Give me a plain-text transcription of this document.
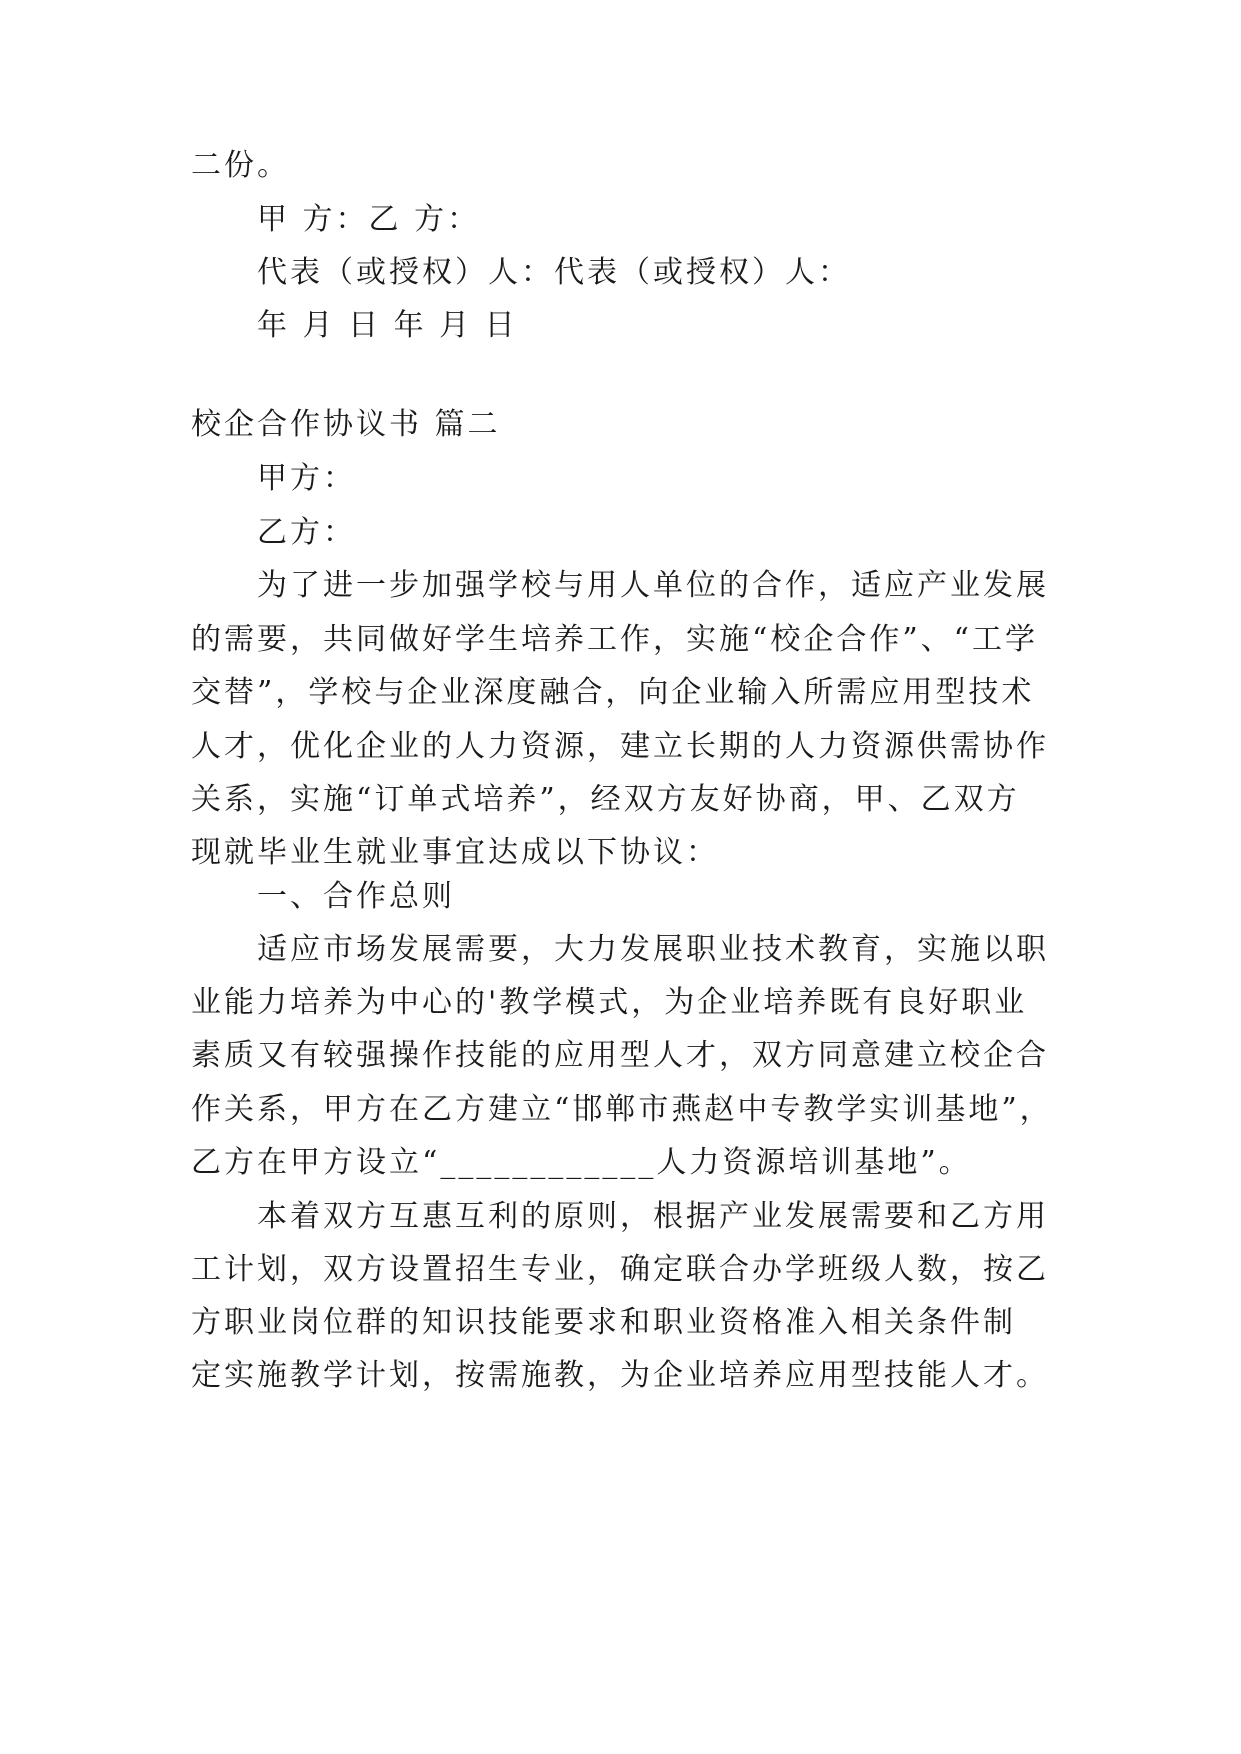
二份。
甲 方：乙 方：
代表（或授权）人：代表（或授权）人：
年 月 日 年 月 日
校企合作协议书 篇二
甲方：
乙方：
为了进一步加强学校与用人单位的合作，适应产业发展
的需要，共同做好学生培养工作，实施“校企合作”、“工学
交替”，学校与企业深度融合，向企业输入所需应用型技术
人才，优化企业的人力资源，建立长期的人力资源供需协作
关系，实施“订单式培养”，经双方友好协商，甲、乙双方
现就毕业生就业事宜达成以下协议：
一、合作总则
适应市场发展需要，大力发展职业技术教育，实施以职
业能力培养为中心的'教学模式，为企业培养既有良好职业
素质又有较强操作技能的应用型人才，双方同意建立校企合
作关系，甲方在乙方建立“邯郸市燕赵中专教学实训基地”，
乙方在甲方设立“____________人力资源培训基地”。
本着双方互惠互利的原则，根据产业发展需要和乙方用
工计划，双方设置招生专业，确定联合办学班级人数，按乙
方职业岗位群的知识技能要求和职业资格准入相关条件制
定实施教学计划，按需施教，为企业培养应用型技能人才。
